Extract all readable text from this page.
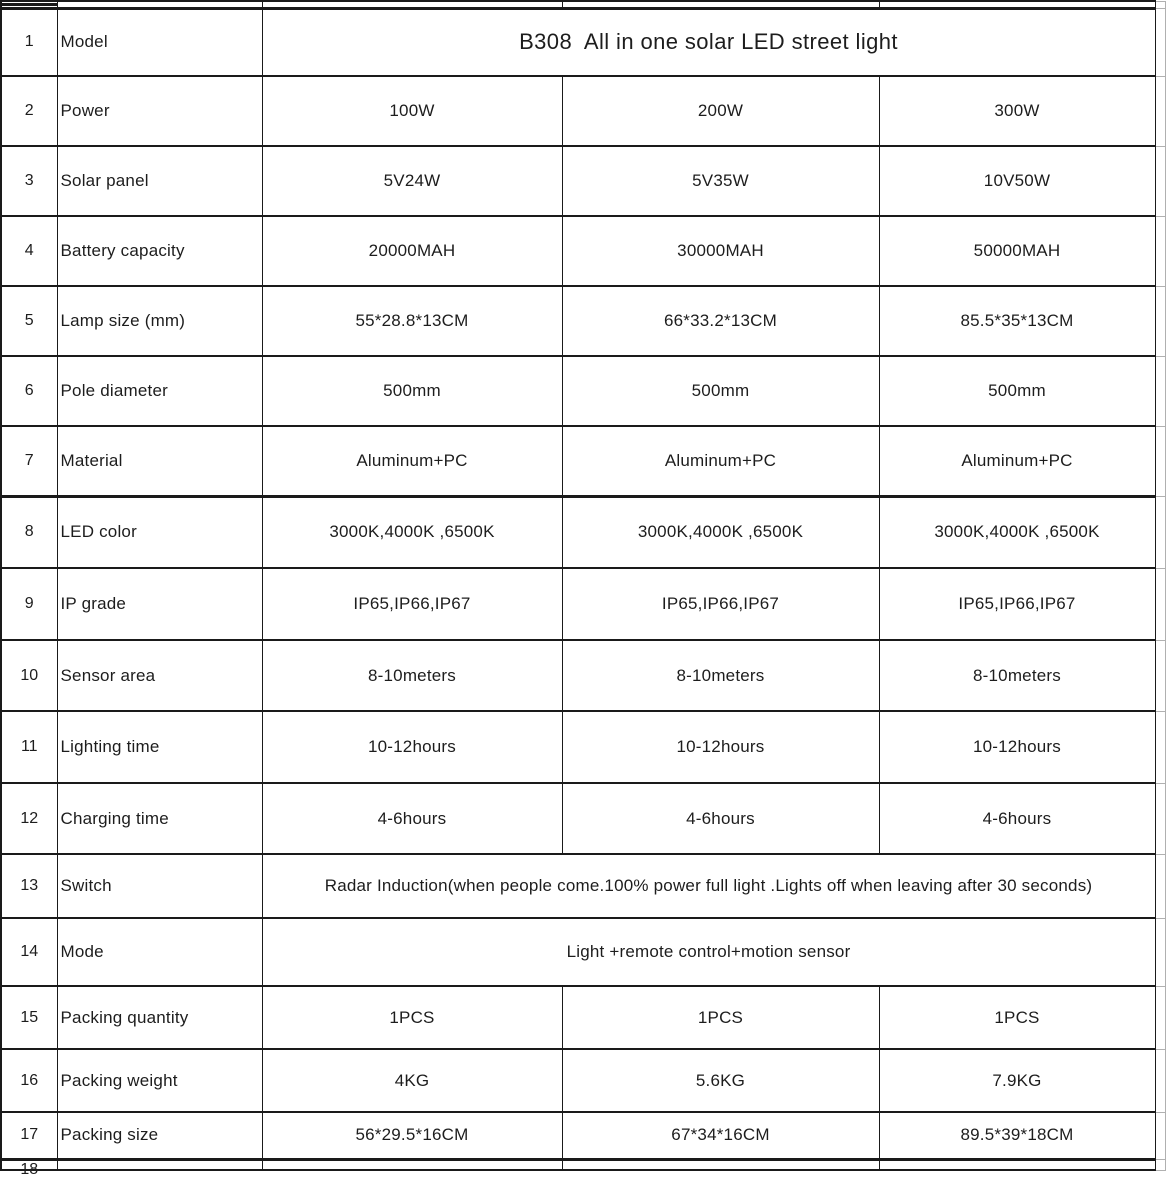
1	Model	B308  All in one solar LED street light			
2	Power	100W	200W	300W	
3	Solar panel	5V24W	5V35W	10V50W	
4	Battery capacity	20000MAH	30000MAH	50000MAH	
5	Lamp size (mm)	55*28.8*13CM	66*33.2*13CM	85.5*35*13CM	
6	Pole diameter	500mm	500mm	500mm	
7	Material	Aluminum+PC	Aluminum+PC	Aluminum+PC	
8	LED color	3000K,4000K ,6500K	3000K,4000K ,6500K	3000K,4000K ,6500K	
9	IP grade	IP65,IP66,IP67	IP65,IP66,IP67	IP65,IP66,IP67	
10	Sensor area	8-10meters	8-10meters	8-10meters	
11	Lighting time	10-12hours	10-12hours	10-12hours	
12	Charging time	4-6hours	4-6hours	4-6hours	
13	Switch	Radar Induction(when people come.100% power full light .Lights off when leaving after 30 seconds)			
14	Mode	Light +remote control+motion sensor			
15	Packing quantity	1PCS	1PCS	1PCS	
16	Packing weight	4KG	5.6KG	7.9KG	
17	Packing size	56*29.5*16CM	67*34*16CM	89.5*39*18CM	

18					
